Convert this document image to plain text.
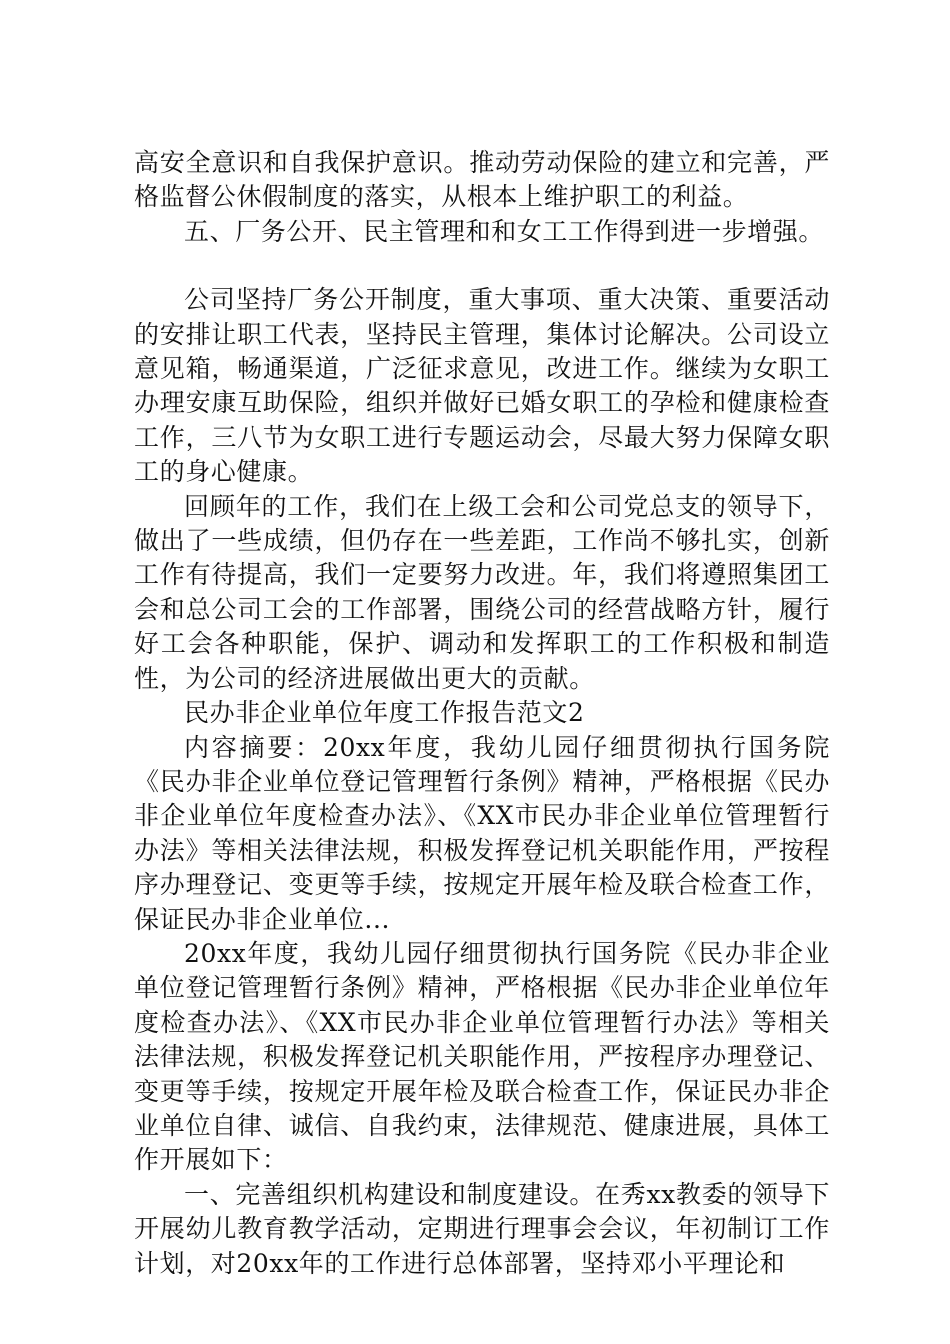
高安全意识和自我保护意识。推动劳动保险的建立和完善，严格监督公休假制度的落实，从根本上维护职工的利益。

五、厂务公开、民主管理和和女工工作得到进一步增强。

公司坚持厂务公开制度，重大事项、重大决策、重要活动的安排让职工代表，坚持民主管理，集体讨论解决。公司设立意见箱，畅通渠道，广泛征求意见，改进工作。继续为女职工办理安康互助保险，组织并做好已婚女职工的孕检和健康检查工作，三八节为女职工进行专题运动会，尽最大努力保障女职工的身心健康。

回顾年的工作，我们在上级工会和公司党总支的领导下，做出了一些成绩，但仍存在一些差距，工作尚不够扎实，创新工作有待提高，我们一定要努力改进。年，我们将遵照集团工会和总公司工会的工作部署，围绕公司的经营战略方针，履行好工会各种职能，保护、调动和发挥职工的工作积极和制造性，为公司的经济进展做出更大的贡献。

民办非企业单位年度工作报告范文2

内容摘要：20xx年度，我幼儿园仔细贯彻执行国务院《民办非企业单位登记管理暂行条例》精神，严格根据《民办非企业单位年度检查办法》、《XX市民办非企业单位管理暂行办法》等相关法律法规，积极发挥登记机关职能作用，严按程序办理登记、变更等手续，按规定开展年检及联合检查工作，保证民办非企业单位...

20xx年度，我幼儿园仔细贯彻执行国务院《民办非企业单位登记管理暂行条例》精神，严格根据《民办非企业单位年度检查办法》、《XX市民办非企业单位管理暂行办法》等相关法律法规，积极发挥登记机关职能作用，严按程序办理登记、变更等手续，按规定开展年检及联合检查工作，保证民办非企业单位自律、诚信、自我约束，法律规范、健康进展，具体工作开展如下：

一、完善组织机构建设和制度建设。在秀xx教委的领导下开展幼儿教育教学活动，定期进行理事会会议，年初制订工作计划，对20xx年的工作进行总体部署，坚持邓小平理论和
